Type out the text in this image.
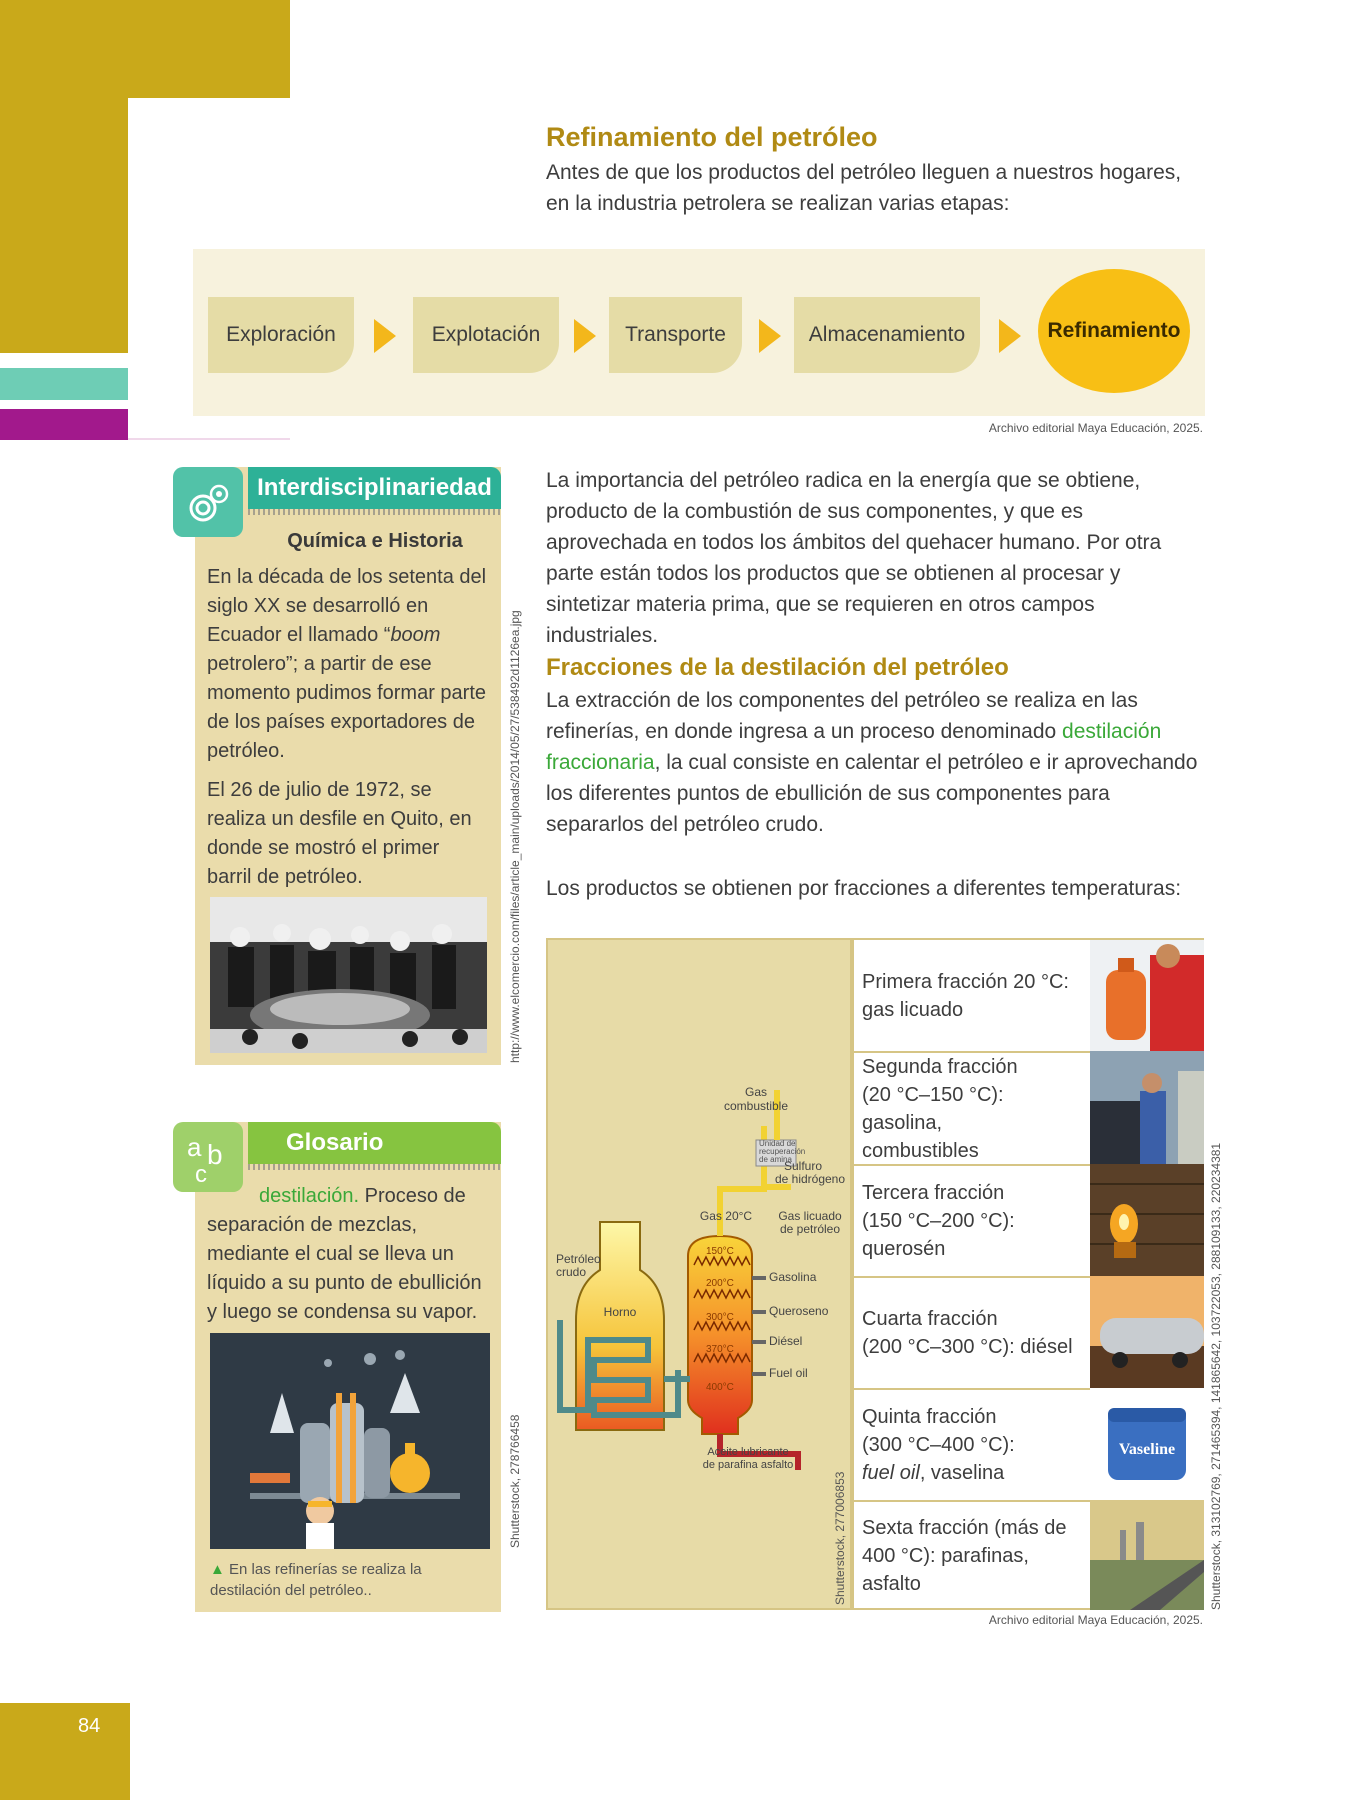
84
Refinamiento del petróleo

Antes de que los productos del petróleo lleguen a nuestros hogares, en la industria petrolera se realizan varias etapas:

Exploración	Explotación	Transporte	Almacenamiento	Refinamiento
Archivo editorial Maya Educación, 2025.
Interdisciplinariedad
Química e Historia

En la década de los setenta del siglo XX se desarrolló en Ecuador el llamado “boom petrolero”; a partir de ese momento pudimos formar parte de los países exportadores de petróleo.

El 26 de julio de 1972, se realiza un desfile en Quito, en donde se mostró el primer barril de petróleo.	http://www.elcomercio.com/files/article_main/uploads/2014/05/27/538492d1126ea.jpg
Glosario
a b
c

destilación. Proceso de separación de mezclas, mediante el cual se lleva un líquido a su punto de ebullición y luego se condensa su vapor.

▲ En las refinerías se realiza la destilación del petróleo..
Shutterstock, 278766458

La importancia del petróleo radica en la energía que se obtiene, producto de la combustión de sus componentes, y que es aprovechada en todos los ámbitos del quehacer humano. Por otra parte están todos los productos que se obtienen al procesar y sintetizar materia prima, que se requieren en otros campos industriales.

Fracciones de la destilación del petróleo

La extracción de los componentes del petróleo se realiza en las refinerías, en donde ingresa a un proceso denominado destilación fraccionaria, la cual consiste en calentar el petróleo e ir aprovechando los diferentes puntos de ebullición de sus componentes para separarlos del petróleo crudo.

Los productos se obtienen por fracciones a diferentes temperaturas:

Gas
combustible
Unidad de
recuperación
de amina
Sulfuro
de hidrógeno
Gas 20°C Gas licuado
de petróleo
Petróleo
crudo
Horno
150°C
200°C
300°C
370°C
400°C
Gasolina
Queroseno
Diésel
Fuel oil
Aceite lubricante
de parafina asfalto
Shutterstock, 277006853
Primera fracción 20 °C:
gas licuado
Segunda fracción
(20 °C–150 °C): gasolina,
combustibles
Tercera fracción
(150 °C–200 °C):
querosén
Cuarta fracción
(200 °C–300 °C): diésel
Quinta fracción
(300 °C–400 °C):
fuel oil, vaselina
Sexta fracción (más de
400 °C): parafinas, asfalto
Vaseline	Shutterstock, 313102769, 271465394, 141865642, 103722053, 288109133, 220234381
Archivo editorial Maya Educación, 2025.
